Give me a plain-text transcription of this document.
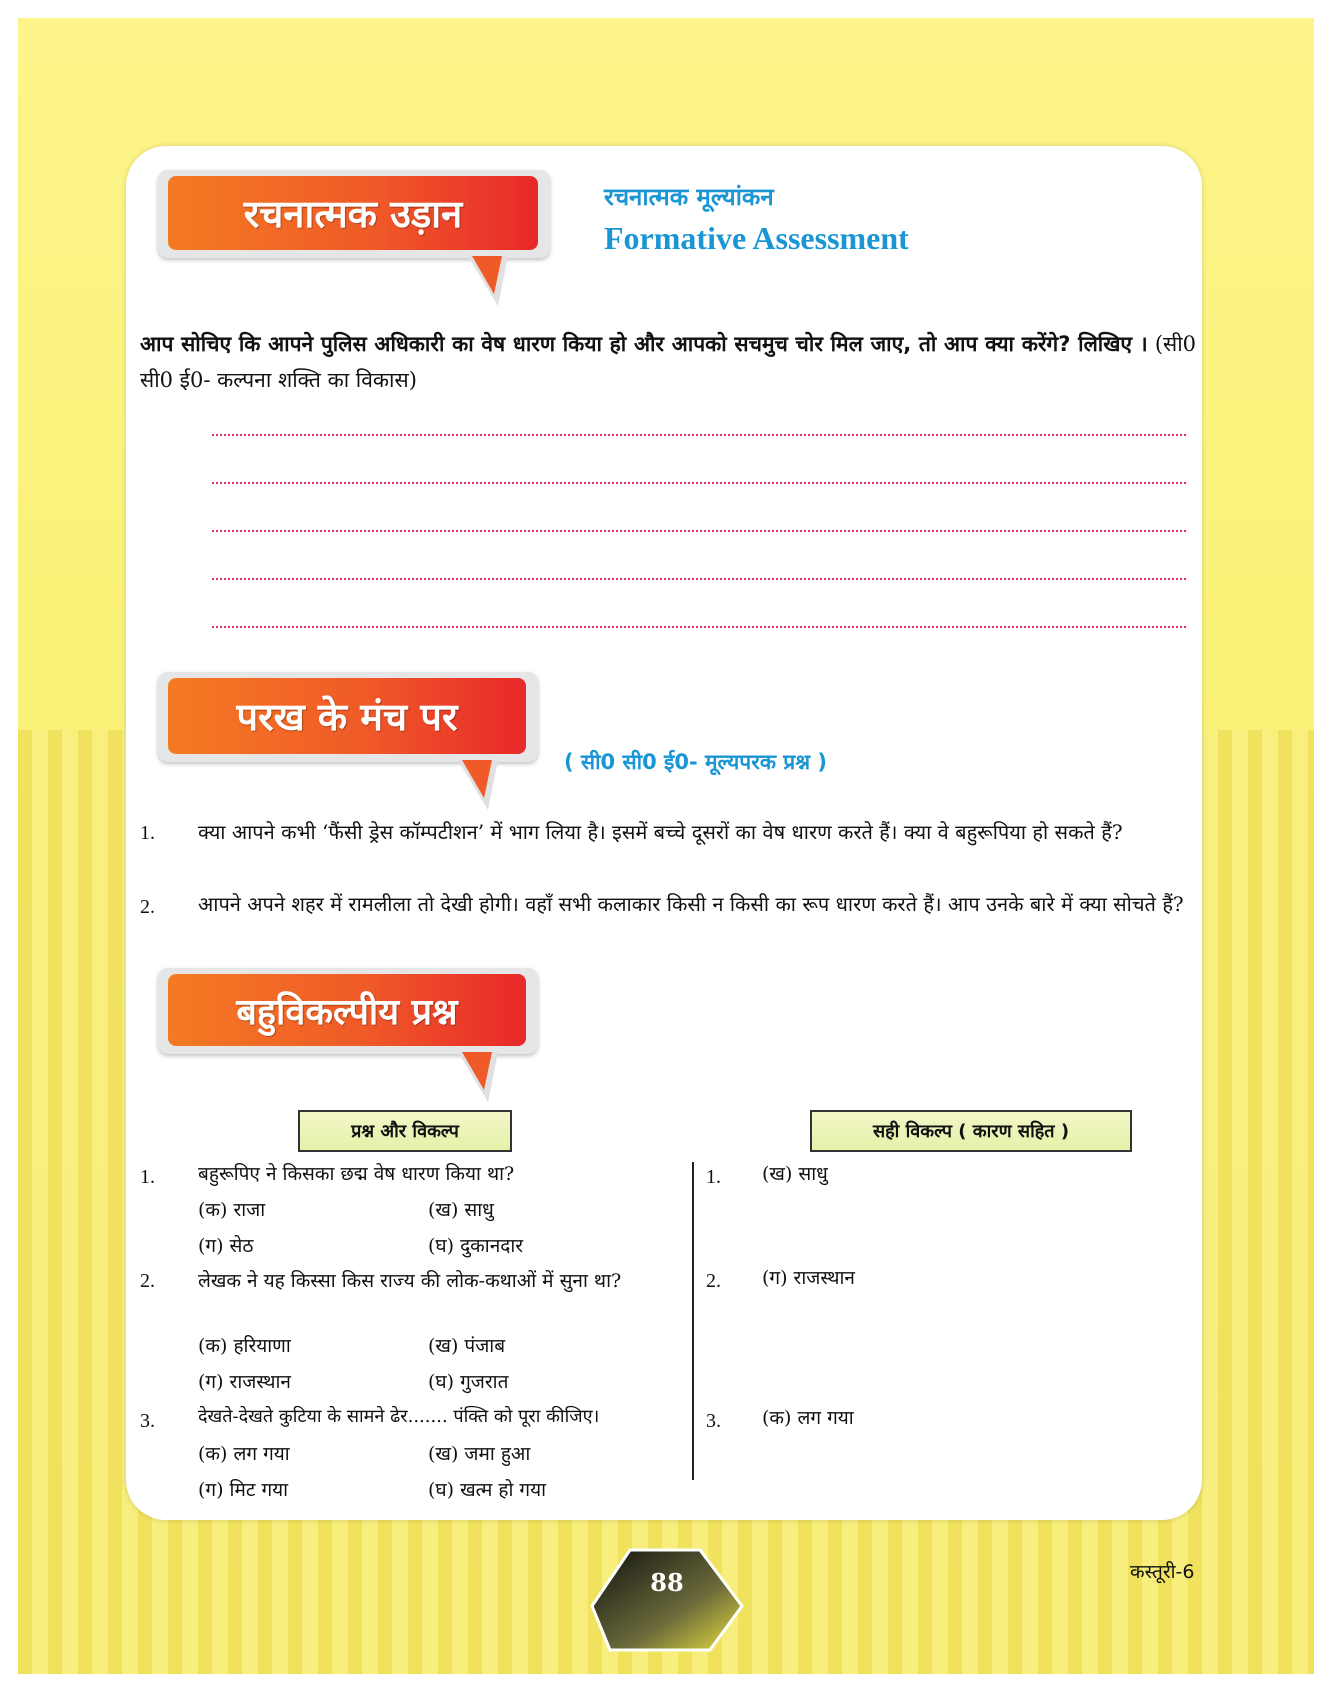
रचनात्मक उड़ान	रचनात्मक मूल्यांकन
Formative Assessment
आप सोचिए कि आपने पुलिस अधिकारी का वेष धारण किया हो और आपको सचमुच चोर मिल जाए, तो आप क्या करेंगे? लिखिए । (सी0 सी0 ई0- कल्पना शक्ति का विकास)
परख के मंच पर
( सी0 सी0 ई0- मूल्यपरक प्रश्न )
1. क्या आपने कभी ‘फैंसी ड्रेस कॉम्पटीशन’ में भाग लिया है। इसमें बच्चे दूसरों का वेष धारण करते हैं। क्या वे बहुरूपिया हो सकते हैं?
2. आपने अपने शहर में रामलीला तो देखी होगी। वहाँ सभी कलाकार किसी न किसी का रूप धारण करते हैं। आप उनके बारे में क्या सोचते हैं?
बहुविकल्पीय प्रश्न
प्रश्न और विकल्प	सही विकल्प ( कारण सहित )
1. बहुरूपिए ने किसका छद्म वेष धारण किया था?
(क) राजा	(ख) साधु
(ग) सेठ	(घ) दुकानदार
1. (ख) साधु
2. लेखक ने यह किस्सा किस राज्य की लोक-कथाओं में सुना था?
(क) हरियाणा	(ख) पंजाब
(ग) राजस्थान	(घ) गुजरात
2. (ग) राजस्थान
3. देखते-देखते कुटिया के सामने ढेर....... पंक्ति को पूरा कीजिए।
(क) लग गया	(ख) जमा हुआ
(ग) मिट गया	(घ) खत्म हो गया
3. (क) लग गया
88	कस्तूरी-6
